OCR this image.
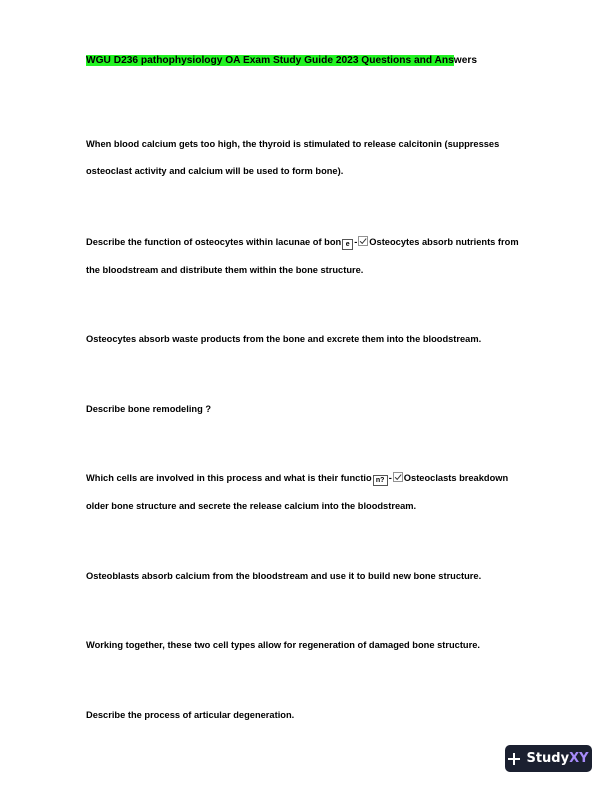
WGU D236 pathophysiology OA Exam Study Guide 2023 Questions and Answers
When blood calcium gets too high, the thyroid is stimulated to release calcitonin (suppresses
osteoclast activity and calcium will be used to form bone).
Describe the function of osteocytes within lacunae of bon e - Osteocytes absorb nutrients from
the bloodstream and distribute them within the bone structure.
Osteocytes absorb waste products from the bone and excrete them into the bloodstream.
Describe bone remodeling ?
Which cells are involved in this process and what is their functio n? - Osteoclasts breakdown
older bone structure and secrete the release calcium into the bloodstream.
Osteoblasts absorb calcium from the bloodstream and use it to build new bone structure.
Working together, these two cell types allow for regeneration of damaged bone structure.
Describe the process of articular degeneration.
Study XY
